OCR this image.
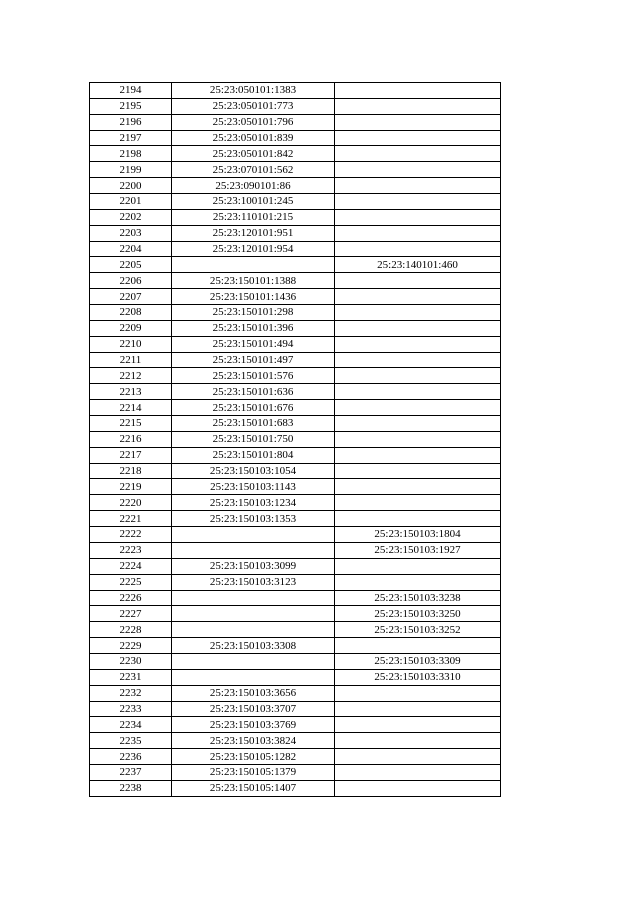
2194	25:23:050101:1383	
2195	25:23:050101:773	
2196	25:23:050101:796	
2197	25:23:050101:839	
2198	25:23:050101:842	
2199	25:23:070101:562	
2200	25:23:090101:86	
2201	25:23:100101:245	
2202	25:23:110101:215	
2203	25:23:120101:951	
2204	25:23:120101:954	
2205		25:23:140101:460
2206	25:23:150101:1388	
2207	25:23:150101:1436	
2208	25:23:150101:298	
2209	25:23:150101:396	
2210	25:23:150101:494	
2211	25:23:150101:497	
2212	25:23:150101:576	
2213	25:23:150101:636	
2214	25:23:150101:676	
2215	25:23:150101:683	
2216	25:23:150101:750	
2217	25:23:150101:804	
2218	25:23:150103:1054	
2219	25:23:150103:1143	
2220	25:23:150103:1234	
2221	25:23:150103:1353	
2222		25:23:150103:1804
2223		25:23:150103:1927
2224	25:23:150103:3099	
2225	25:23:150103:3123	
2226		25:23:150103:3238
2227		25:23:150103:3250
2228		25:23:150103:3252
2229	25:23:150103:3308	
2230		25:23:150103:3309
2231		25:23:150103:3310
2232	25:23:150103:3656	
2233	25:23:150103:3707	
2234	25:23:150103:3769	
2235	25:23:150103:3824	
2236	25:23:150105:1282	
2237	25:23:150105:1379	
2238	25:23:150105:1407	
